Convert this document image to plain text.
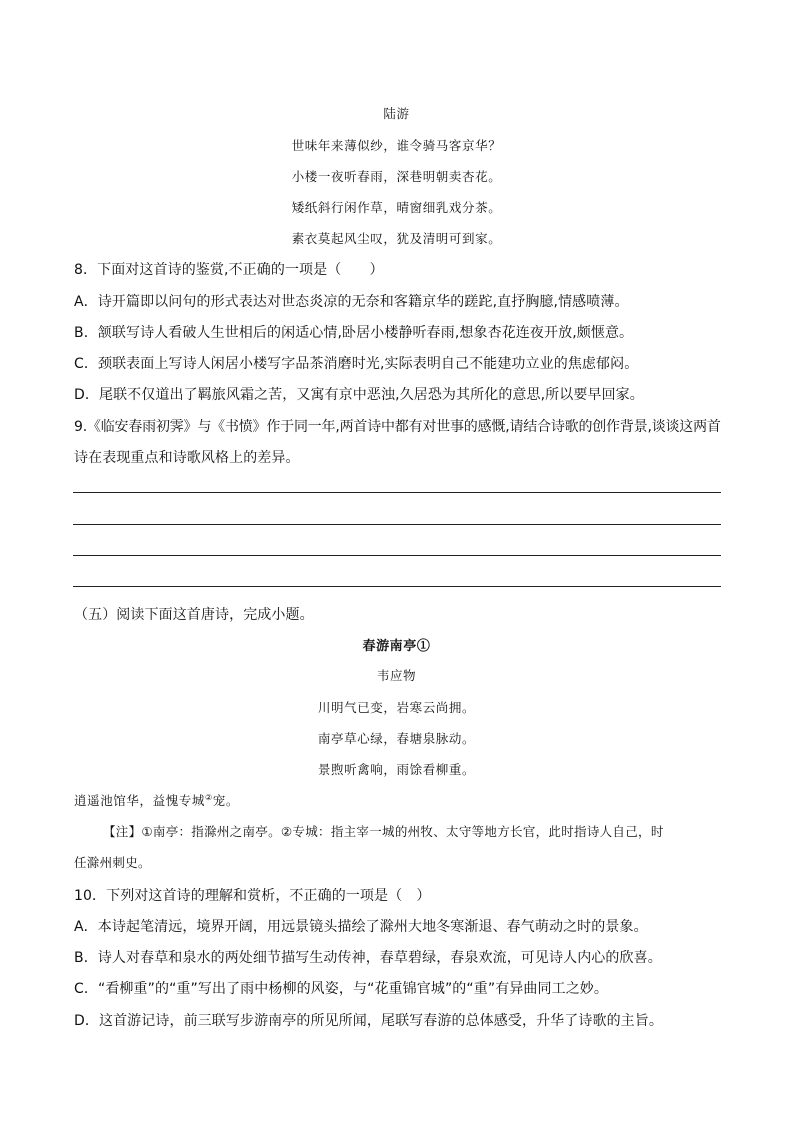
陆游
世味年来薄似纱，谁令骑马客京华？
小楼一夜听春雨，深巷明朝卖杏花。
矮纸斜行闲作草，晴窗细乳戏分茶。
素衣莫起风尘叹，犹及清明可到家。
8．下面对这首诗的鉴赏,不正确的一项是（　　）
A．诗开篇即以问句的形式表达对世态炎凉的无奈和客籍京华的蹉跎,直抒胸臆,情感喷薄。
B．颔联写诗人看破人生世相后的闲适心情,卧居小楼静听春雨,想象杏花连夜开放,颇惬意。
C．颈联表面上写诗人闲居小楼写字品茶消磨时光,实际表明自己不能建功立业的焦虑郁闷。
D．尾联不仅道出了羁旅风霜之苦，又寓有京中恶浊,久居恐为其所化的意思,所以要早回家。
9.《临安春雨初霁》与《书愤》作于同一年,两首诗中都有对世事的感慨,请结合诗歌的创作背景,谈谈这两首
诗在表现重点和诗歌风格上的差异。
（五）阅读下面这首唐诗，完成小题。
春游南亭①
韦应物
川明气已变，岩寒云尚拥。
南亭草心绿，春塘泉脉动。
景煦听禽响，雨馀看柳重。
逍遥池馆华，益愧专城②宠。
【注】①南亭：指滁州之南亭。②专城：指主宰一城的州牧、太守等地方长官，此时指诗人自己，时
任滁州刺史。
10．下列对这首诗的理解和赏析，不正确的一项是（　）
A．本诗起笔清远，境界开阔，用远景镜头描绘了滁州大地冬寒渐退、春气萌动之时的景象。
B．诗人对春草和泉水的两处细节描写生动传神，春草碧绿，春泉欢流，可见诗人内心的欣喜。
C．“看柳重”的“重”写出了雨中杨柳的风姿，与“花重锦官城”的“重”有异曲同工之妙。
D．这首游记诗，前三联写步游南亭的所见所闻，尾联写春游的总体感受，升华了诗歌的主旨。
